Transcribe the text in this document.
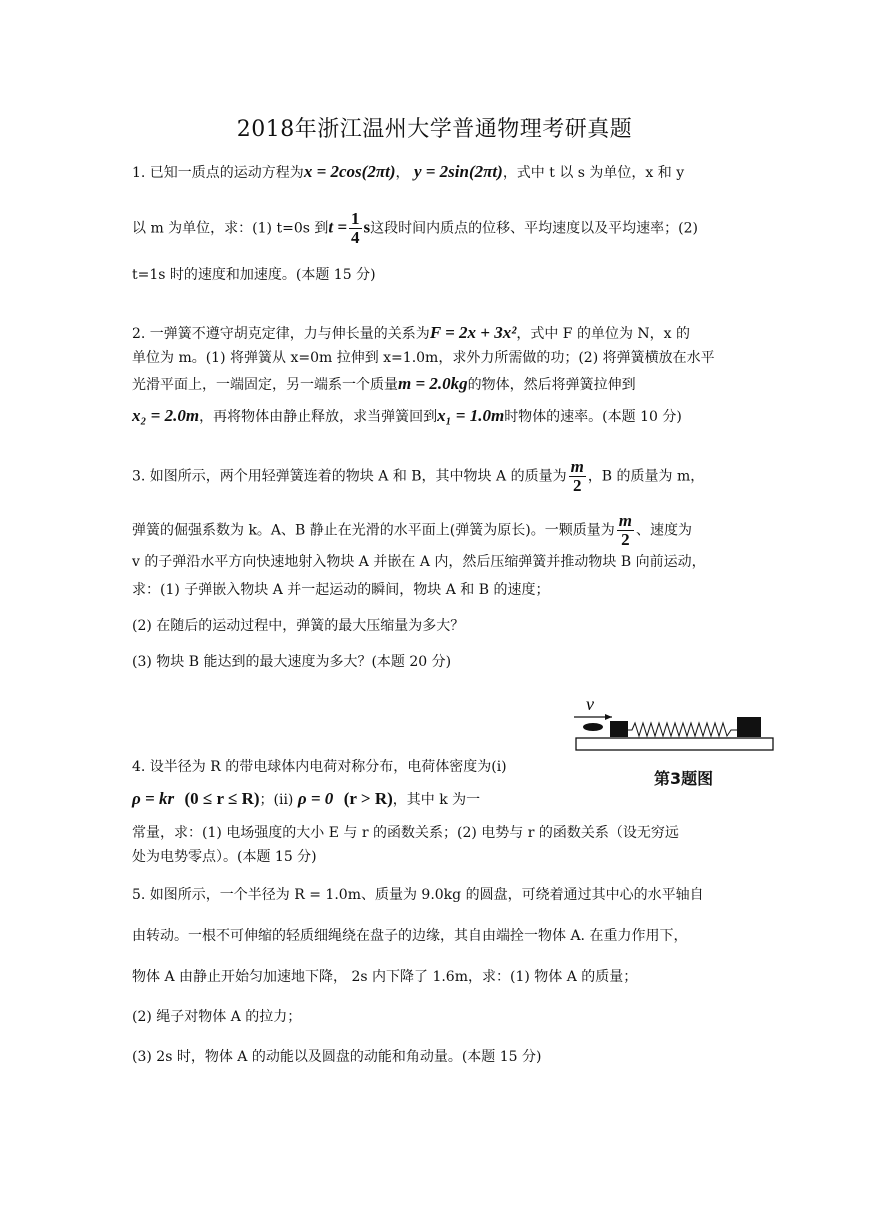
2018年浙江温州大学普通物理考研真题
1. 已知一质点的运动方程为x = 2cos(2πt)， y = 2sin(2πt)，式中 t 以 s 为单位，x 和 y
以 m 为单位，求：(1) t=0s 到$t = \frac{1}{4}$ s这段时间内质点的位移、平均速度以及平均速率；(2)
t=1s 时的速度和加速度。(本题 15 分)
2. 一弹簧不遵守胡克定律，力与伸长量的关系为F = 2x + 3x²，式中 F 的单位为 N，x 的
单位为 m。(1) 将弹簧从 x=0m 拉伸到 x=1.0m，求外力所需做的功；(2) 将弹簧横放在水平
光滑平面上，一端固定，另一端系一个质量m = 2.0kg的物体，然后将弹簧拉伸到
x₂ = 2.0m，再将物体由静止释放，求当弹簧回到x₁ = 1.0m时物体的速率。(本题 10 分)
3. 如图所示，两个用轻弹簧连着的物块 A 和 B，其中物块 A 的质量为 $\frac{m}{2}$ ，B 的质量为 m，
弹簧的倔强系数为 k。A、B 静止在光滑的水平面上(弹簧为原长)。一颗质量为 $\frac{m}{2}$ 、速度为
v 的子弹沿水平方向快速地射入物块 A 并嵌在 A 内，然后压缩弹簧并推动物块 B 向前运动，
求：(1) 子弹嵌入物块 A 并一起运动的瞬间，物块 A 和 B 的速度；
(2) 在随后的运动过程中，弹簧的最大压缩量为多大？
(3) 物块 B 能达到的最大速度为多大？(本题 20 分)
v
第3题图
4. 设半径为 R 的带电球体内电荷对称分布，电荷体密度为(i)
ρ = kr (0 ≤ r ≤ R)；(ii) ρ = 0 (r > R)，其中 k 为一
常量，求：(1) 电场强度的大小 E 与 r 的函数关系；(2) 电势与 r 的函数关系（设无穷远
处为电势零点）。(本题 15 分)
5. 如图所示，一个半径为 R = 1.0m、质量为 9.0kg 的圆盘，可绕着通过其中心的水平轴自
由转动。一根不可伸缩的轻质细绳绕在盘子的边缘，其自由端拴一物体 A. 在重力作用下，
物体 A 由静止开始匀加速地下降， 2s 内下降了 1.6m，求：(1) 物体 A 的质量；
(2) 绳子对物体 A 的拉力；
(3) 2s 时，物体 A 的动能以及圆盘的动能和角动量。(本题 15 分)
